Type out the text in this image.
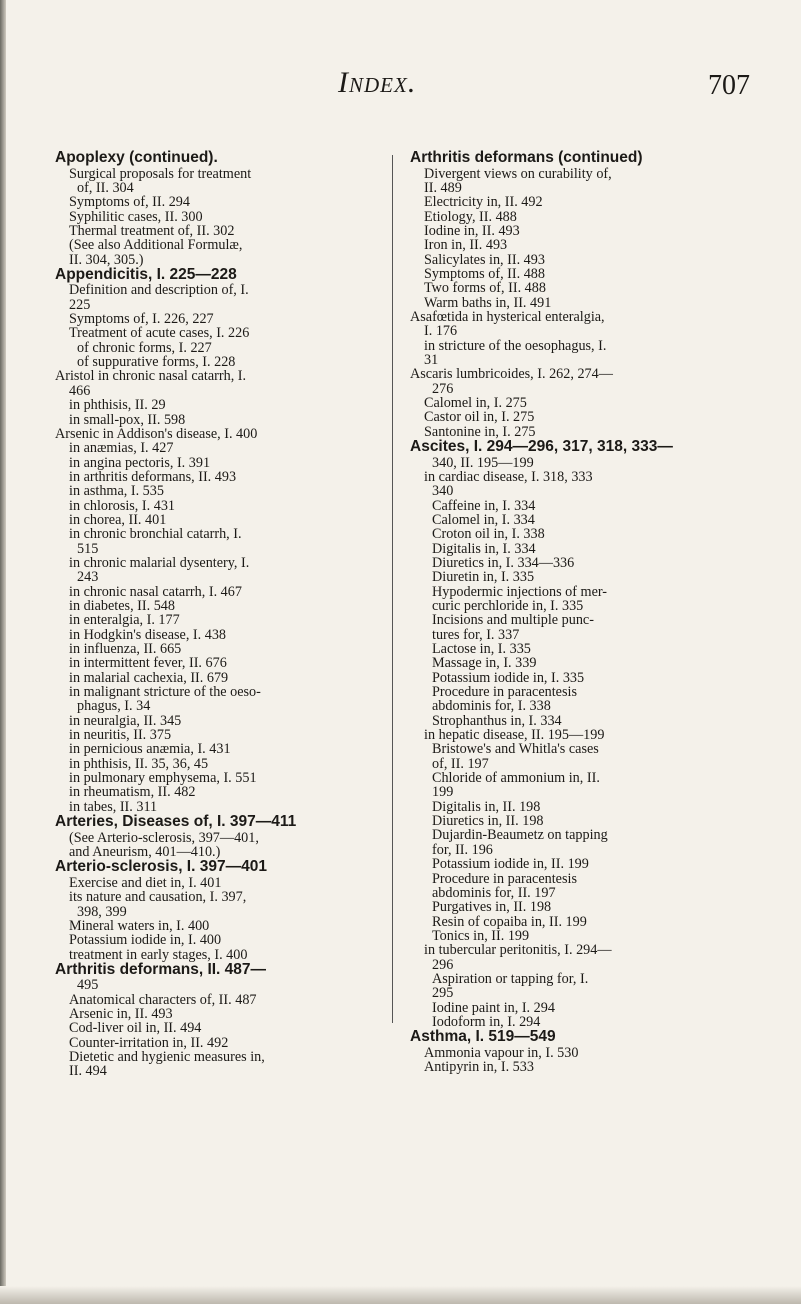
Index.	707
Apoplexy (continued).
Surgical proposals for treatment
of, II. 304
Symptoms of, II. 294
Syphilitic cases, II. 300
Thermal treatment of, II. 302
(See also Additional Formulæ,
II. 304, 305.)
Appendicitis, I. 225—228
Definition and description of, I.
225
Symptoms of, I. 226, 227
Treatment of acute cases, I. 226
of chronic forms, I. 227
of suppurative forms, I. 228
Aristol in chronic nasal catarrh, I.
466
in phthisis, II. 29
in small-pox, II. 598
Arsenic in Addison's disease, I. 400
in anæmias, I. 427
in angina pectoris, I. 391
in arthritis deformans, II. 493
in asthma, I. 535
in chlorosis, I. 431
in chorea, II. 401
in chronic bronchial catarrh, I.
515
in chronic malarial dysentery, I.
243
in chronic nasal catarrh, I. 467
in diabetes, II. 548
in enteralgia, I. 177
in Hodgkin's disease, I. 438
in influenza, II. 665
in intermittent fever, II. 676
in malarial cachexia, II. 679
in malignant stricture of the oeso-
phagus, I. 34
in neuralgia, II. 345
in neuritis, II. 375
in pernicious anæmia, I. 431
in phthisis, II. 35, 36, 45
in pulmonary emphysema, I. 551
in rheumatism, II. 482
in tabes, II. 311
Arteries, Diseases of, I. 397—411
(See Arterio-sclerosis, 397—401,
and Aneurism, 401—410.)
Arterio-sclerosis, I. 397—401
Exercise and diet in, I. 401
its nature and causation, I. 397,
398, 399
Mineral waters in, I. 400
Potassium iodide in, I. 400
treatment in early stages, I. 400
Arthritis deformans, II. 487—
495
Anatomical characters of, II. 487
Arsenic in, II. 493
Cod-liver oil in, II. 494
Counter-irritation in, II. 492
Dietetic and hygienic measures in,
II. 494
Arthritis deformans (continued)
Divergent views on curability of,
II. 489
Electricity in, II. 492
Etiology, II. 488
Iodine in, II. 493
Iron in, II. 493
Salicylates in, II. 493
Symptoms of, II. 488
Two forms of, II. 488
Warm baths in, II. 491
Asafœtida in hysterical enteralgia,
I. 176
in stricture of the oesophagus, I.
31
Ascaris lumbricoides, I. 262, 274—
276
Calomel in, I. 275
Castor oil in, I. 275
Santonine in, I. 275
Ascites, I. 294—296, 317, 318, 333—
340, II. 195—199
in cardiac disease, I. 318, 333
340
Caffeine in, I. 334
Calomel in, I. 334
Croton oil in, I. 338
Digitalis in, I. 334
Diuretics in, I. 334—336
Diuretin in, I. 335
Hypodermic injections of mer-
curic perchloride in, I. 335
Incisions and multiple punc-
tures for, I. 337
Lactose in, I. 335
Massage in, I. 339
Potassium iodide in, I. 335
Procedure in paracentesis
abdominis for, I. 338
Strophanthus in, I. 334
in hepatic disease, II. 195—199
Bristowe's and Whitla's cases
of, II. 197
Chloride of ammonium in, II.
199
Digitalis in, II. 198
Diuretics in, II. 198
Dujardin-Beaumetz on tapping
for, II. 196
Potassium iodide in, II. 199
Procedure in paracentesis
abdominis for, II. 197
Purgatives in, II. 198
Resin of copaiba in, II. 199
Tonics in, II. 199
in tubercular peritonitis, I. 294—
296
Aspiration or tapping for, I.
295
Iodine paint in, I. 294
Iodoform in, I. 294
Asthma, I. 519—549
Ammonia vapour in, I. 530
Antipyrin in, I. 533
